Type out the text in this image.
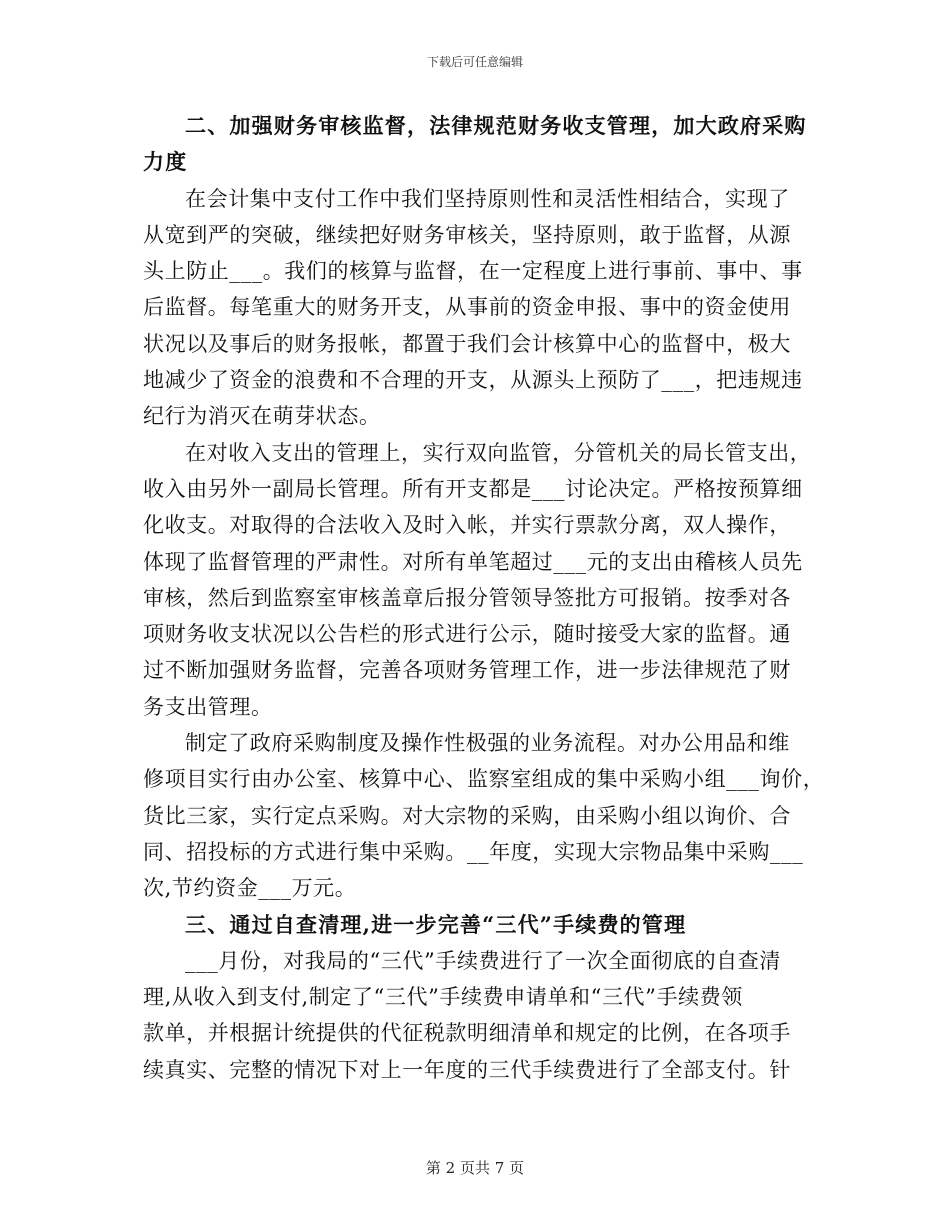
下载后可任意编辑
二、加强财务审核监督，法律规范财务收支管理，加大政府采购
力度
在会计集中支付工作中我们坚持原则性和灵活性相结合，实现了
从宽到严的突破，继续把好财务审核关，坚持原则，敢于监督，从源
头上防止___。我们的核算与监督，在一定程度上进行事前、事中、事
后监督。每笔重大的财务开支，从事前的资金申报、事中的资金使用
状况以及事后的财务报帐，都置于我们会计核算中心的监督中，极大
地减少了资金的浪费和不合理的开支，从源头上预防了___，把违规违
纪行为消灭在萌芽状态。
在对收入支出的管理上，实行双向监管，分管机关的局长管支出，
收入由另外一副局长管理。所有开支都是___讨论决定。严格按预算细
化收支。对取得的合法收入及时入帐，并实行票款分离，双人操作，
体现了监督管理的严肃性。对所有单笔超过___元的支出由稽核人员先
审核，然后到监察室审核盖章后报分管领导签批方可报销。按季对各
项财务收支状况以公告栏的形式进行公示，随时接受大家的监督。通
过不断加强财务监督，完善各项财务管理工作，进一步法律规范了财
务支出管理。
制定了政府采购制度及操作性极强的业务流程。对办公用品和维
修项目实行由办公室、核算中心、监察室组成的集中采购小组___询价，
货比三家，实行定点采购。对大宗物的采购，由采购小组以询价、合
同、招投标的方式进行集中采购。__年度，实现大宗物品集中采购___
次,节约资金___万元。
三、通过自查清理,进一步完善“三代”手续费的管理
___月份，对我局的“三代”手续费进行了一次全面彻底的自查清
理,从收入到支付,制定了“三代”手续费申请单和“三代”手续费领
款单，并根据计统提供的代征税款明细清单和规定的比例，在各项手
续真实、完整的情况下对上一年度的三代手续费进行了全部支付。针
第 2 页共 7 页
